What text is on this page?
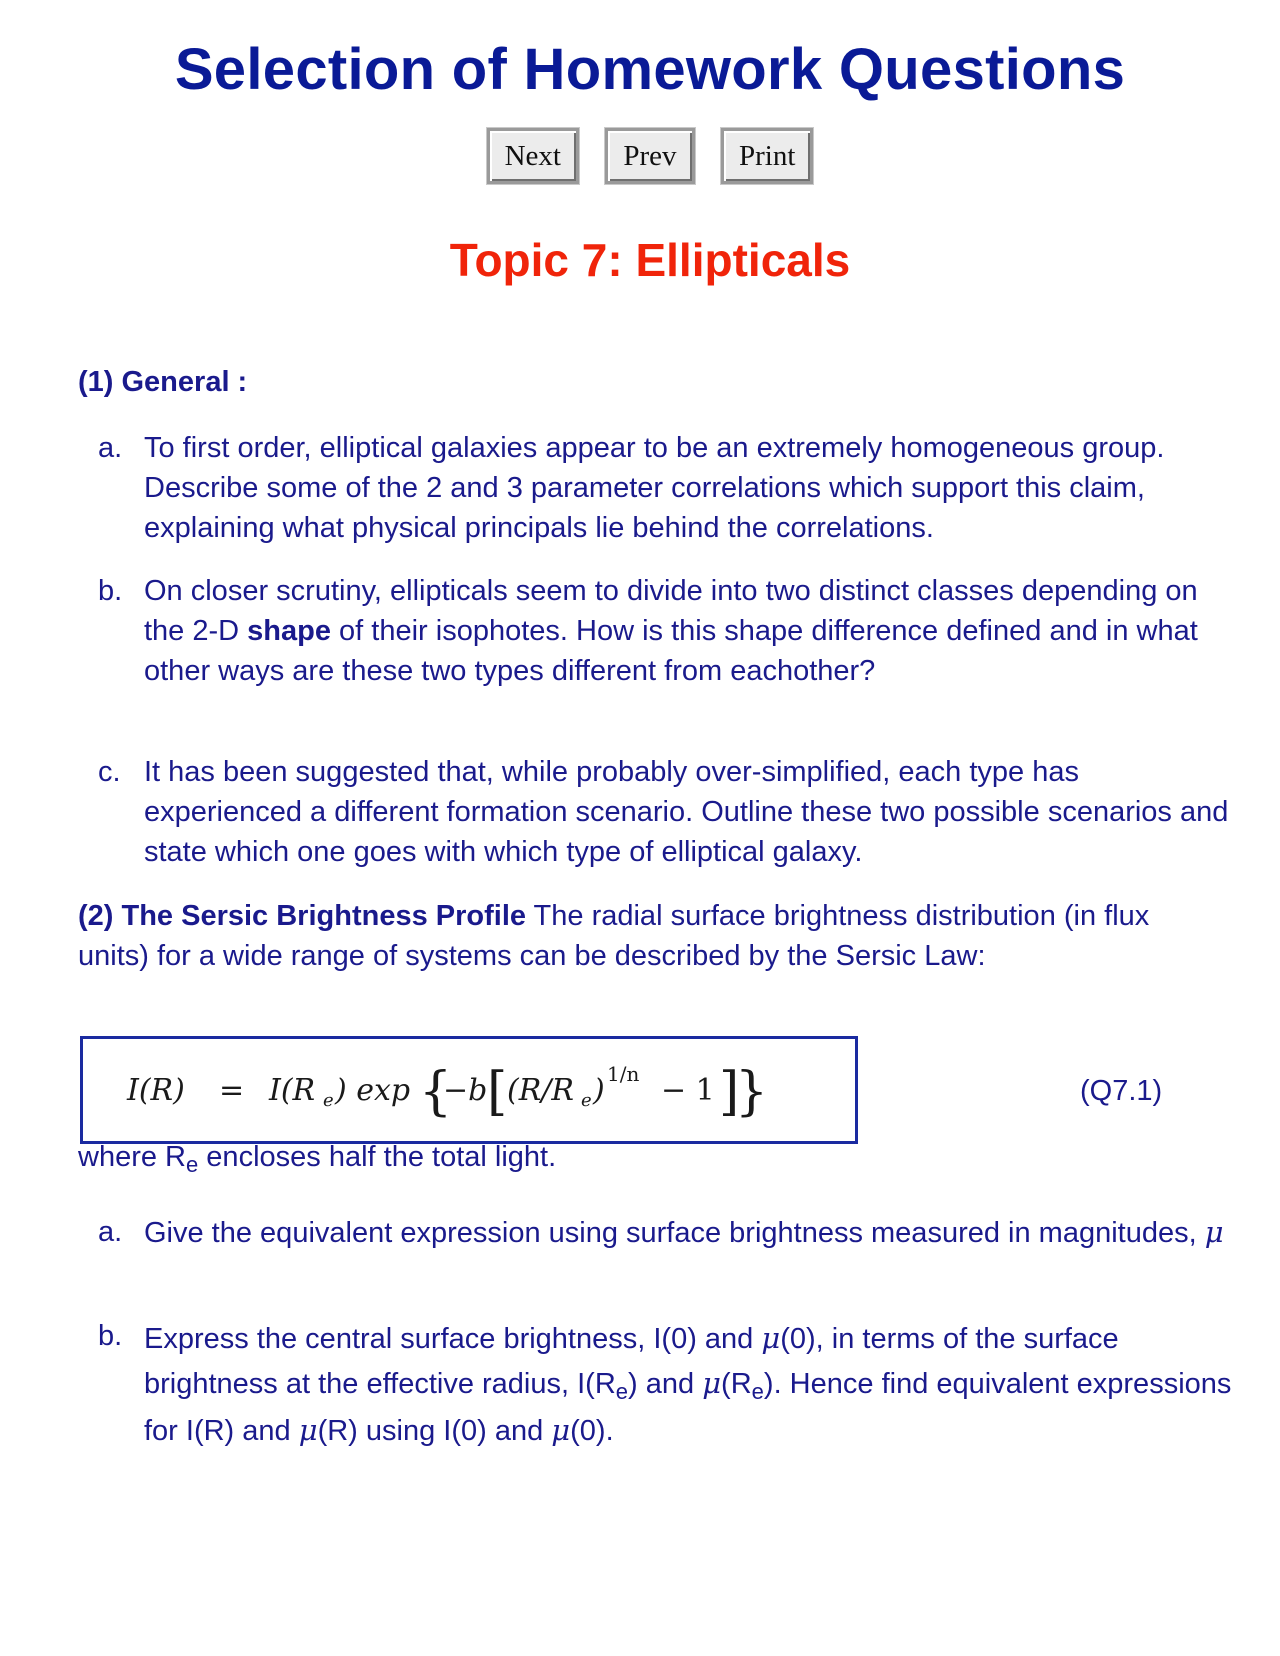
Selection of Homework Questions
Next Prev Print
Topic 7: Ellipticals
(1) General :
a. To first order, elliptical galaxies appear to be an extremely homogeneous group. Describe some of the 2 and 3 parameter correlations which support this claim, explaining what physical principals lie behind the correlations.
b. On closer scrutiny, ellipticals seem to divide into two distinct classes depending on the 2-D shape of their isophotes. How is this shape difference defined and in what other ways are these two types different from eachother?
c. It has been suggested that, while probably over-simplified, each type has experienced a different formation scenario. Outline these two possible scenarios and state which one goes with which type of elliptical galaxy.
(2) The Sersic Brightness Profile The radial surface brightness distribution (in flux units) for a wide range of systems can be described by the Sersic Law:
I(R) = I(R e ) exp {
−b [ (R/R e ) 1/n − 1 ]
}	(Q7.1)
where $R_e$ encloses half the total light.
a. Give the equivalent expression using surface brightness measured in magnitudes, μ
b. Express the central surface brightness, I(0) and μ(0), in terms of the surface brightness at the effective radius, $I(R_e)$ and $\mu(R_e)$. Hence find equivalent expressions for I(R) and μ(R) using I(0) and μ(0).
